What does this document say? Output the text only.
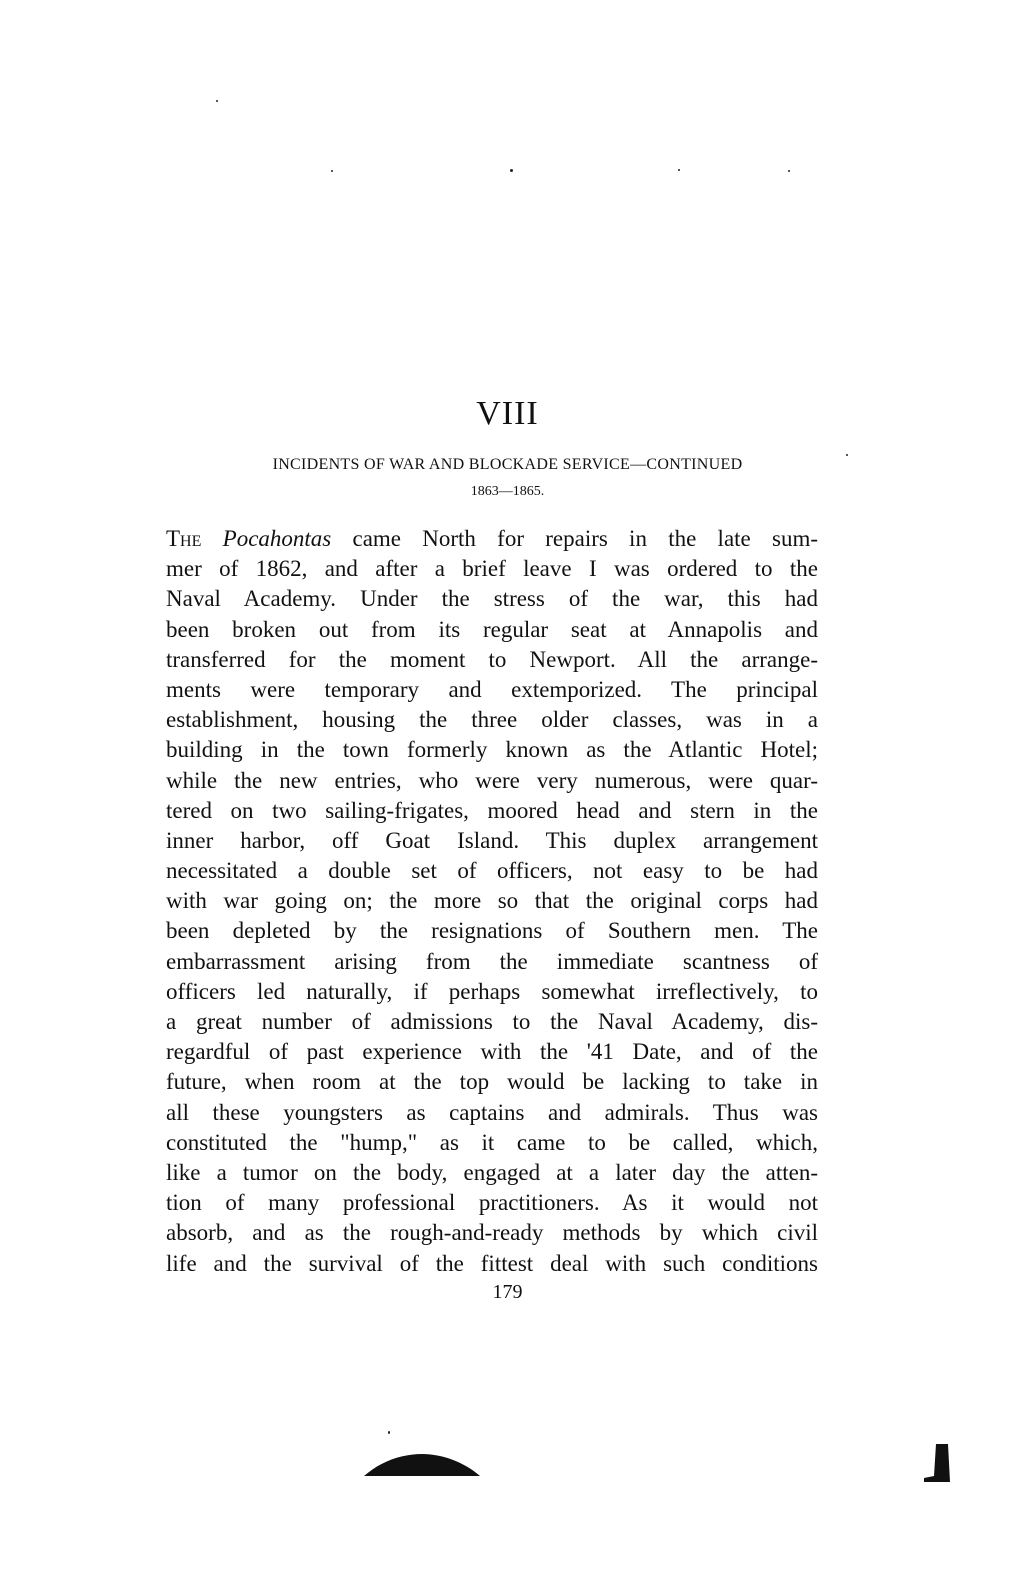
VIII
INCIDENTS OF WAR AND BLOCKADE SERVICE—CONTINUED
1863—1865.
The Pocahontas came North for repairs in the late sum-
mer of 1862, and after a brief leave I was ordered to the
Naval Academy. Under the stress of the war, this had
been broken out from its regular seat at Annapolis and
transferred for the moment to Newport. All the arrange-
ments were temporary and extemporized. The principal
establishment, housing the three older classes, was in a
building in the town formerly known as the Atlantic Hotel;
while the new entries, who were very numerous, were quar-
tered on two sailing-frigates, moored head and stern in the
inner harbor, off Goat Island. This duplex arrangement
necessitated a double set of officers, not easy to be had
with war going on; the more so that the original corps had
been depleted by the resignations of Southern men. The
embarrassment arising from the immediate scantness of
officers led naturally, if perhaps somewhat irreflectively, to
a great number of admissions to the Naval Academy, dis-
regardful of past experience with the '41 Date, and of the
future, when room at the top would be lacking to take in
all these youngsters as captains and admirals. Thus was
constituted the "hump," as it came to be called, which,
like a tumor on the body, engaged at a later day the atten-
tion of many professional practitioners. As it would not
absorb, and as the rough-and-ready methods by which civil
life and the survival of the fittest deal with such conditions
179
